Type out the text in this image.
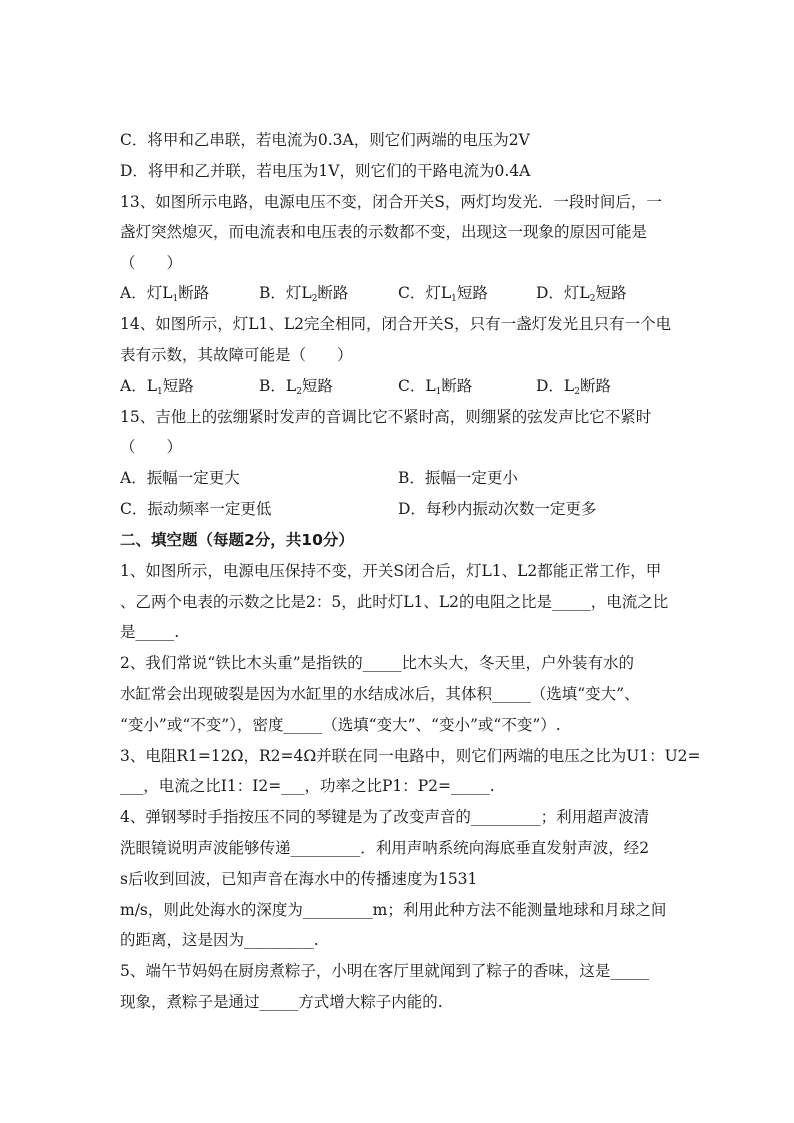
C．将甲和乙串联，若电流为0.3A，则它们两端的电压为2V
D．将甲和乙并联，若电压为1V，则它们的干路电流为0.4A
13、如图所示电路，电源电压不变，闭合开关S，两灯均发光．一段时间后，一
盏灯突然熄灭，而电流表和电压表的示数都不变，出现这一现象的原因可能是
（　　）
A．灯$L_1$断路	B．灯$L_2$断路	C．灯$L_1$短路	D．灯$L_2$短路
14、如图所示，灯L1、L2完全相同，闭合开关S，只有一盏灯发光且只有一个电
表有示数，其故障可能是（　　）
A．$L_1$短路	B．$L_2$短路	C．$L_1$断路	D．$L_2$断路
15、吉他上的弦绷紧时发声的音调比它不紧时高，则绷紧的弦发声比它不紧时
（　　）
A．振幅一定更大	B．振幅一定更小
C．振动频率一定更低	D．每秒内振动次数一定更多
二、填空题（每题2分，共10分）
1、如图所示，电源电压保持不变，开关S闭合后，灯L1、L2都能正常工作，甲
、乙两个电表的示数之比是2：5，此时灯L1、L2的电阻之比是_____，电流之比
是_____.
2、我们常说“铁比木头重”是指铁的_____比木头大，冬天里，户外装有水的
水缸常会出现破裂是因为水缸里的水结成冰后，其体积_____（选填“变大”、
“变小”或“不变”），密度_____（选填“变大”、“变小”或“不变”）.
3、电阻R1=12Ω，R2=4Ω并联在同一电路中，则它们两端的电压之比为U1：U2=
___，电流之比I1：I2=___，功率之比P1：P2=_____.
4、弹钢琴时手指按压不同的琴键是为了改变声音的_________；利用超声波清
洗眼镜说明声波能够传递_________．利用声呐系统向海底垂直发射声波，经2
s后收到回波，已知声音在海水中的传播速度为1531
m/s，则此处海水的深度为_________m；利用此种方法不能测量地球和月球之间
的距离，这是因为_________.
5、端午节妈妈在厨房煮粽子，小明在客厅里就闻到了粽子的香味，这是_____
现象，煮粽子是通过_____方式增大粽子内能的.
